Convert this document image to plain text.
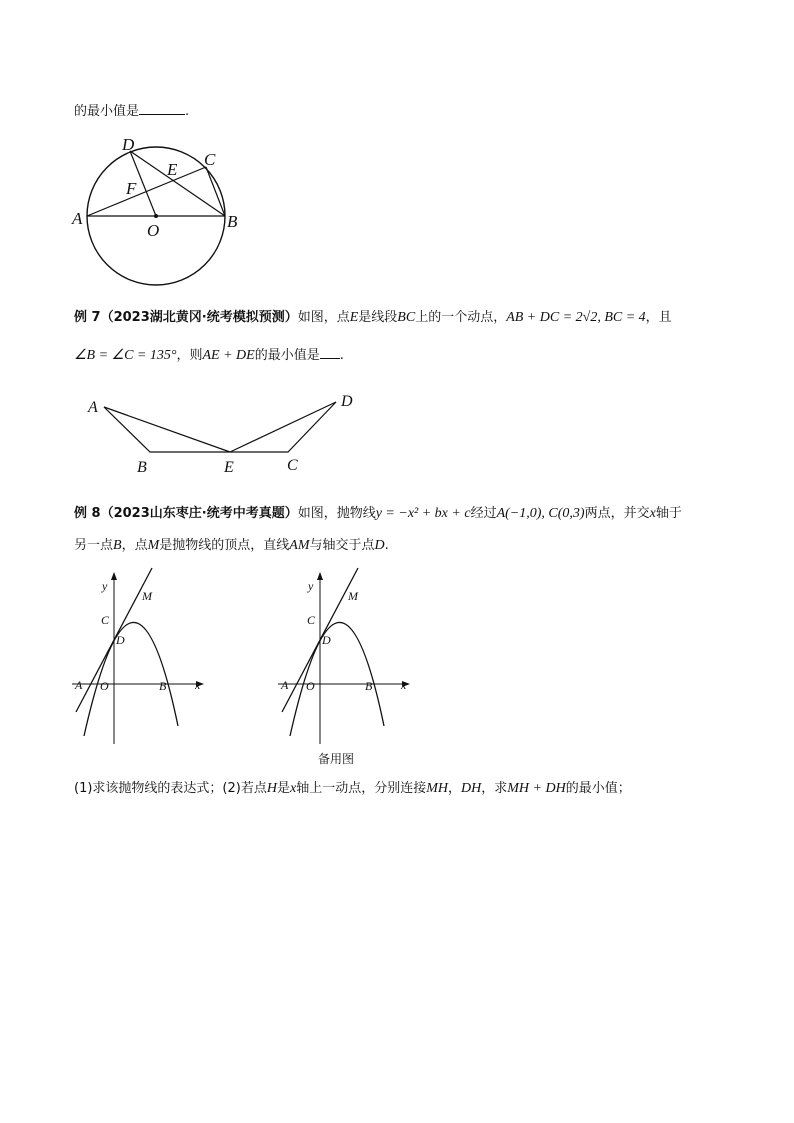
的最小值是	.
D
C
E
F
A
O	B
例 7（2023湖北黄冈·统考模拟预测）如图，点E是线段BC上的一个动点，AB + DC = 2√2, BC = 4，且
∠B = ∠C = 135°，则AE + DE的最小值是 .
A	D
B	E	C
例 8（2023山东枣庄·统考中考真题）如图，抛物线y = −x² + bx + c经过A(−1,0), C(0,3)两点，并交x轴于
另一点B，点M是抛物线的顶点，直线AM与轴交于点D.
y
M
C
D
A O	B x
y
M
C
D
A O	B x
备用图
(1)求该抛物线的表达式；(2)若点H是x轴上一动点，分别连接MH，DH，求MH + DH的最小值；
